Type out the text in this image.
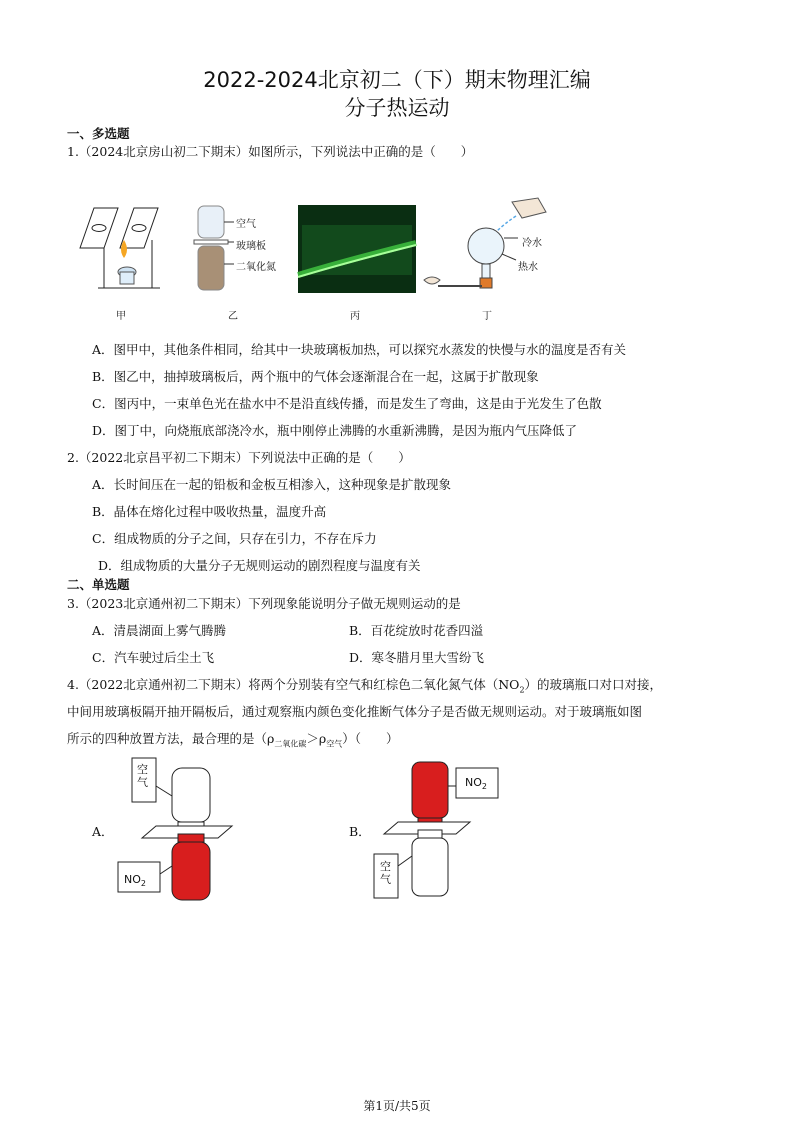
2022-2024北京初二（下）期末物理汇编
分子热运动
一、多选题
1.（2024北京房山初二下期末）如图所示，下列说法中正确的是（　　）
甲
空气
玻璃板
二氧化氮
乙	丙
冷水
热水
丁
A．图甲中，其他条件相同，给其中一块玻璃板加热，可以探究水蒸发的快慢与水的温度是否有关
B．图乙中，抽掉玻璃板后，两个瓶中的气体会逐渐混合在一起，这属于扩散现象
C．图丙中，一束单色光在盐水中不是沿直线传播，而是发生了弯曲，这是由于光发生了色散
D．图丁中，向烧瓶底部浇冷水，瓶中刚停止沸腾的水重新沸腾，是因为瓶内气压降低了
2.（2022北京昌平初二下期末）下列说法中正确的是（　　）
A．长时间压在一起的铅板和金板互相渗入，这种现象是扩散现象
B．晶体在熔化过程中吸收热量，温度升高
C．组成物质的分子之间，只存在引力，不存在斥力
D．组成物质的大量分子无规则运动的剧烈程度与温度有关
二、单选题
3.（2023北京通州初二下期末）下列现象能说明分子做无规则运动的是
A．清晨湖面上雾气腾腾	B．百花绽放时花香四溢
C．汽车驶过后尘土飞	D．寒冬腊月里大雪纷飞
4.（2022北京通州初二下期末）将两个分别装有空气和红棕色二氧化氮气体$(NO_2)$的玻璃瓶口对口对接，
中间用玻璃板隔开抽开隔板后，通过观察瓶内颜色变化推断气体分子是否做无规则运动。对于玻璃瓶如图
所示的四种放置方法，最合理的是$(\rho_{二氧化碳}>\rho_{空气})$（　　）
A．
空气
$NO_2$
B．
$NO_2$
空气
第1页/共5页
